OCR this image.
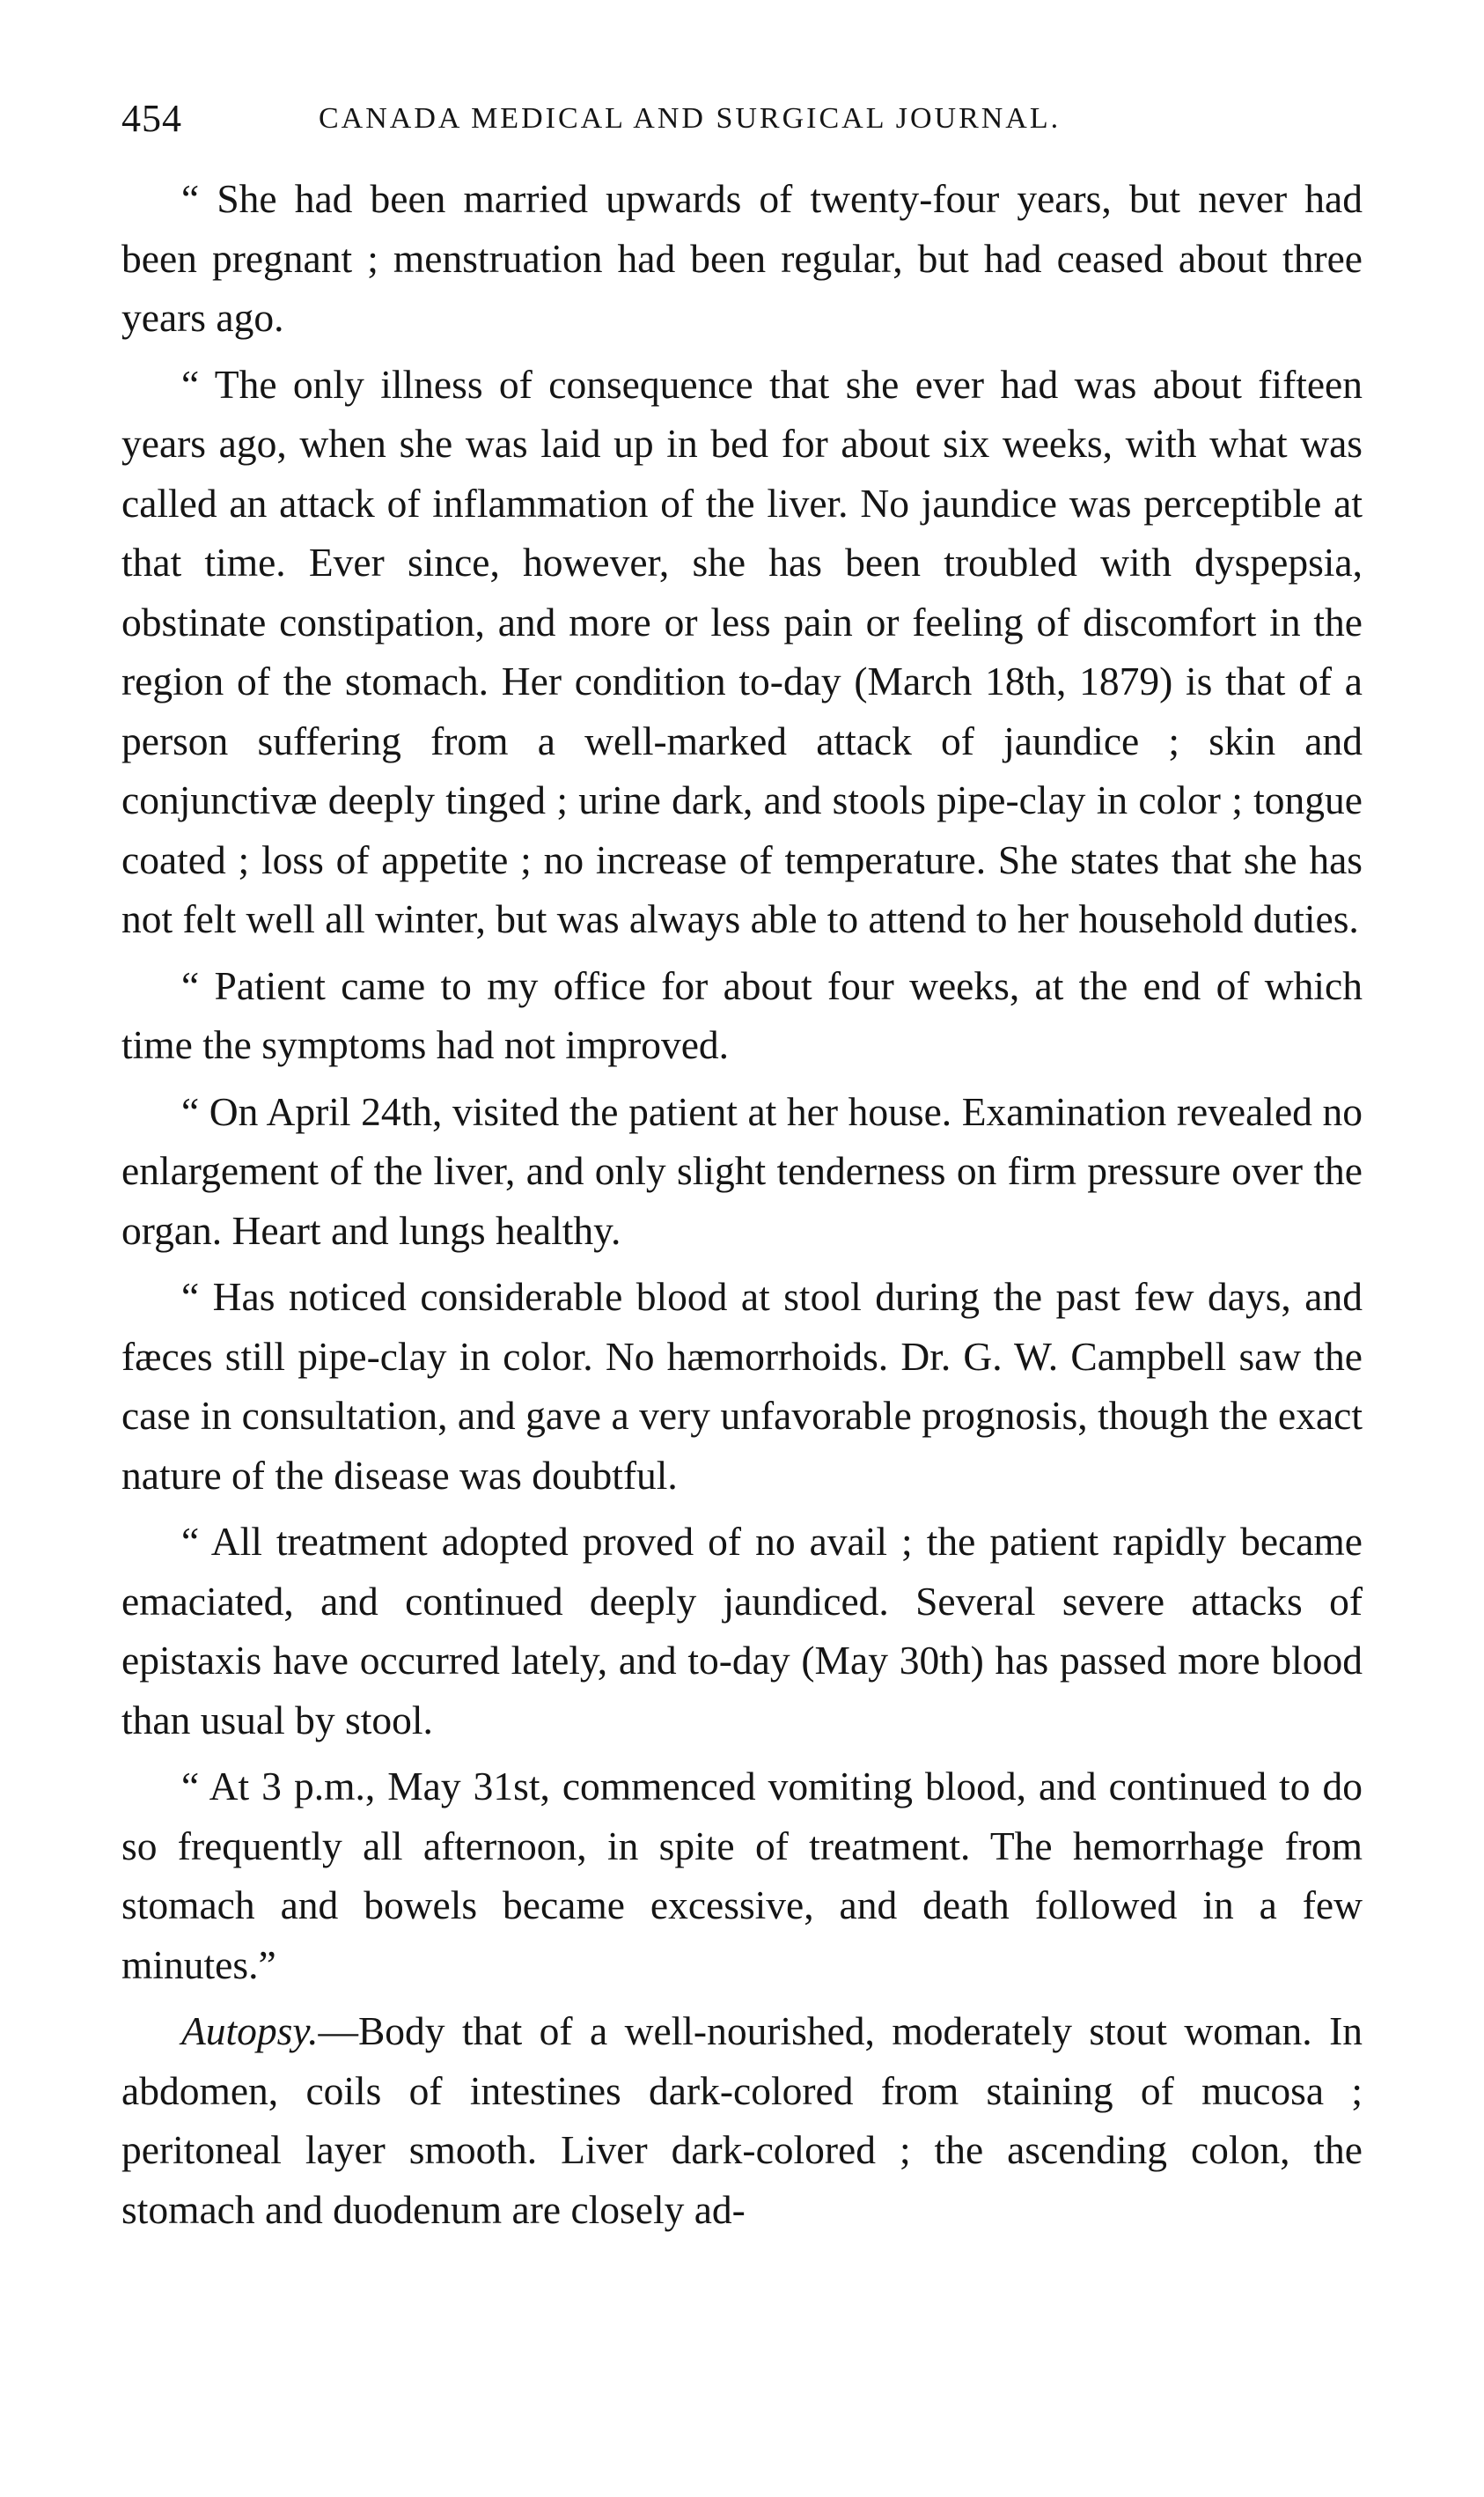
454	CANADA MEDICAL AND SURGICAL JOURNAL.

“ She had been married upwards of twenty-four years, but never had been pregnant ; menstruation had been regular, but had ceased about three years ago.

“ The only illness of consequence that she ever had was about fifteen years ago, when she was laid up in bed for about six weeks, with what was called an attack of inflammation of the liver. No jaundice was perceptible at that time. Ever since, however, she has been troubled with dyspepsia, obstinate constipation, and more or less pain or feeling of discomfort in the region of the stomach. Her condition to-day (March 18th, 1879) is that of a person suffering from a well-marked attack of jaundice ; skin and conjunctivæ deeply tinged ; urine dark, and stools pipe-clay in color ; tongue coated ; loss of appetite ; no increase of temperature. She states that she has not felt well all winter, but was always able to attend to her household duties.

“ Patient came to my office for about four weeks, at the end of which time the symptoms had not improved.

“ On April 24th, visited the patient at her house. Examination revealed no enlargement of the liver, and only slight tenderness on firm pressure over the organ. Heart and lungs healthy.

“ Has noticed considerable blood at stool during the past few days, and fæces still pipe-clay in color. No hæmorrhoids. Dr. G. W. Campbell saw the case in consultation, and gave a very unfavorable prognosis, though the exact nature of the disease was doubtful.

“ All treatment adopted proved of no avail ; the patient rapidly became emaciated, and continued deeply jaundiced. Several severe attacks of epistaxis have occurred lately, and to-day (May 30th) has passed more blood than usual by stool.

“ At 3 p.m., May 31st, commenced vomiting blood, and continued to do so frequently all afternoon, in spite of treatment. The hemorrhage from stomach and bowels became excessive, and death followed in a few minutes.”

Autopsy.—Body that of a well-nourished, moderately stout woman. In abdomen, coils of intestines dark-colored from staining of mucosa ; peritoneal layer smooth. Liver dark-colored ; the ascending colon, the stomach and duodenum are closely ad-
